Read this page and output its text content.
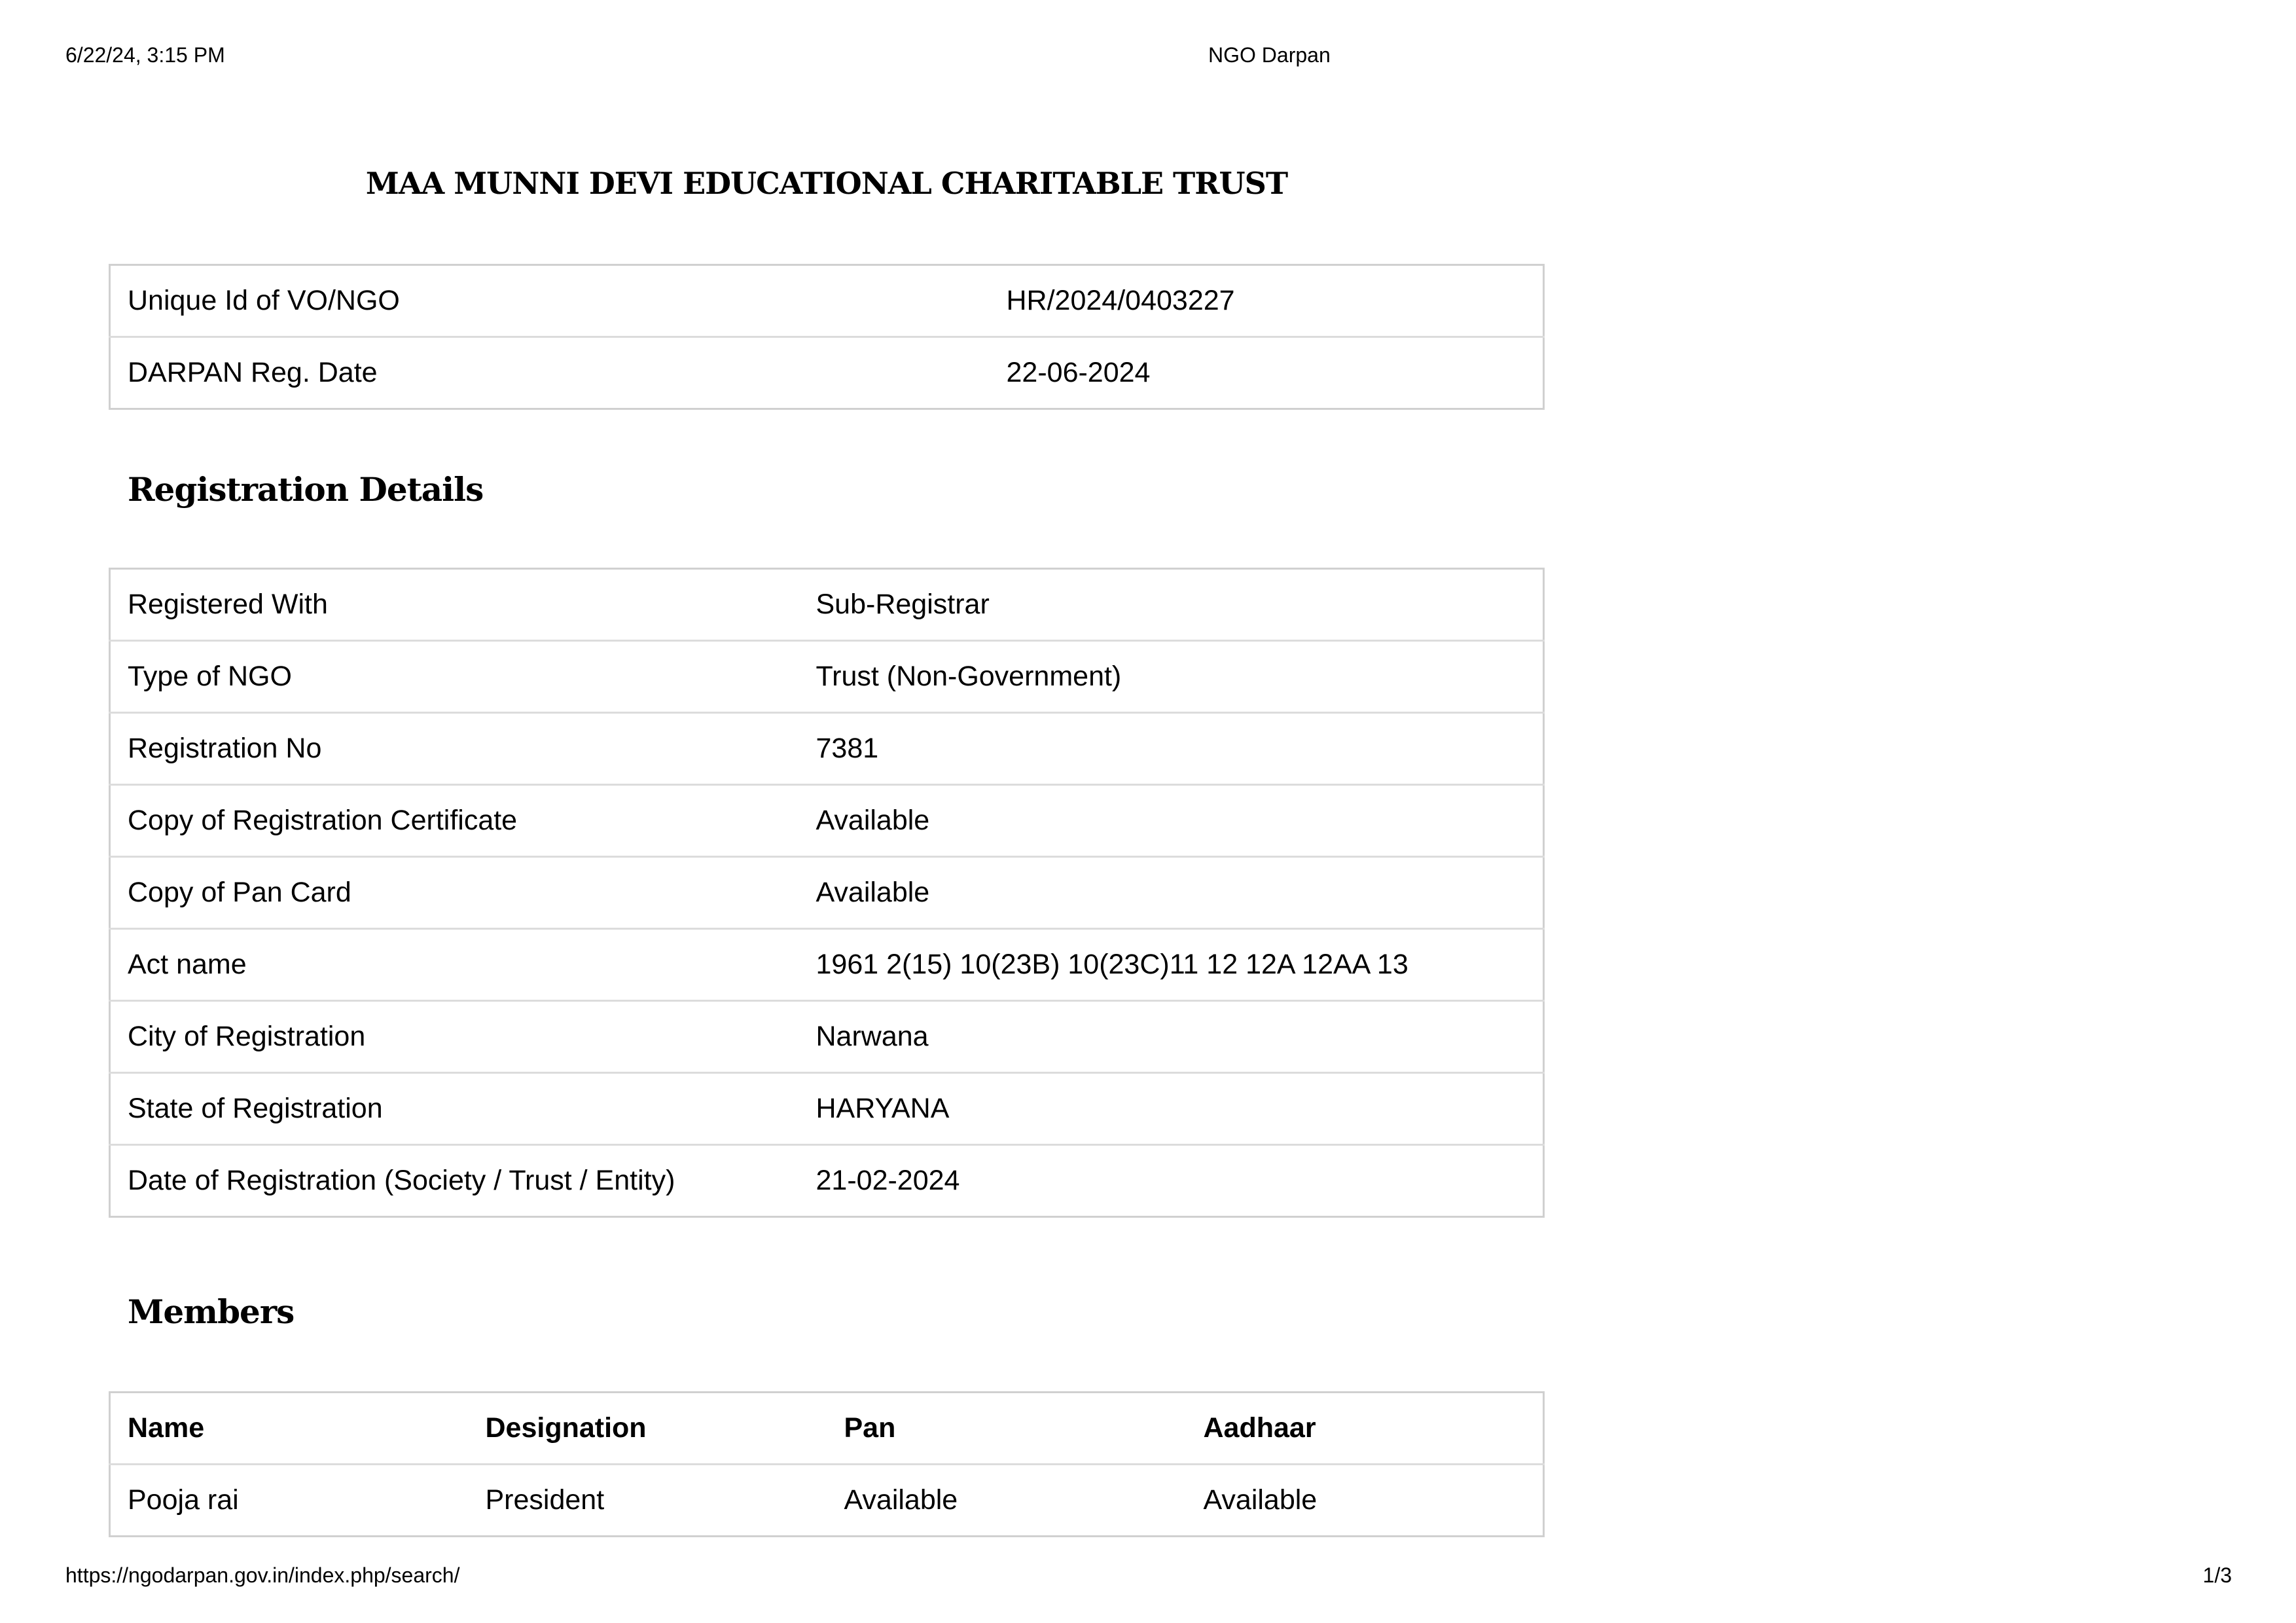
6/22/24, 3:15 PM	NGO Darpan
MAA MUNNI DEVI EDUCATIONAL CHARITABLE TRUST
Unique Id of VO/NGO	HR/2024/0403227
DARPAN Reg. Date	22-06-2024
Registration Details
Registered With	Sub-Registrar
Type of NGO	Trust (Non-Government)
Registration No	7381
Copy of Registration Certificate	Available
Copy of Pan Card	Available
Act name	1961 2(15) 10(23B) 10(23C)11 12 12A 12AA 13
City of Registration	Narwana
State of Registration	HARYANA
Date of Registration (Society / Trust / Entity)	21-02-2024
Members
Name	Designation	Pan	Aadhaar
Pooja rai	President	Available	Available
https://ngodarpan.gov.in/index.php/search/	1/3
